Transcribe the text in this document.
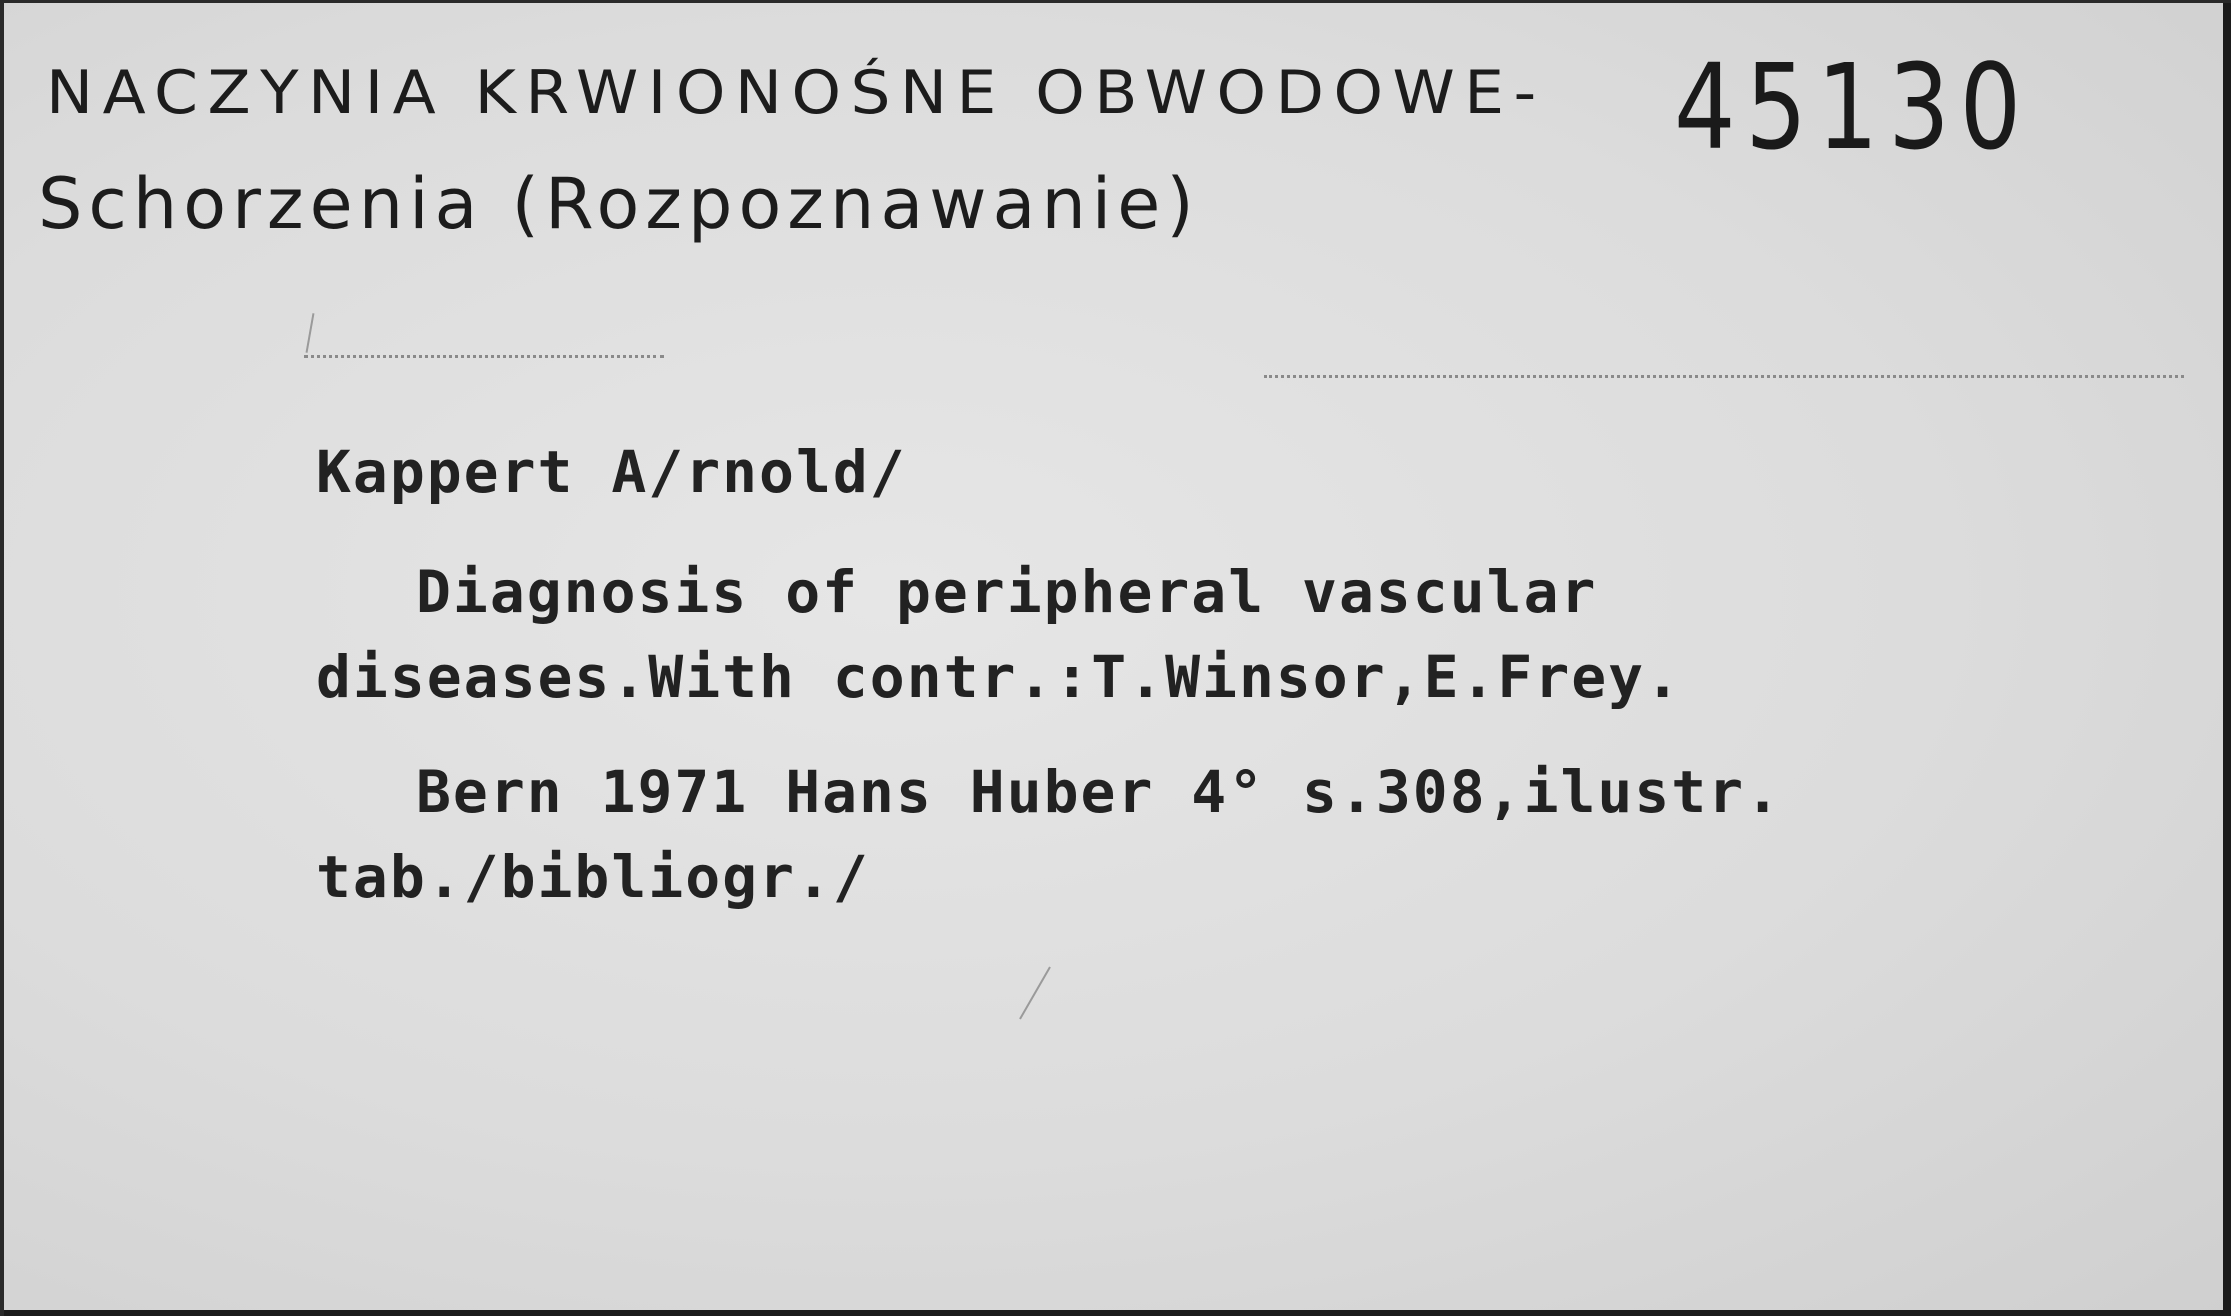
NACZYNIA KRWIONOŚNE OBWODOWE- 45130
Schorzenia (Rozpoznawanie)
Kappert A/rnold/
Diagnosis of peripheral vascular
diseases.With contr.:T.Winsor,E.Frey.
Bern 1971 Hans Huber 4° s.308,ilustr.
tab./bibliogr./
